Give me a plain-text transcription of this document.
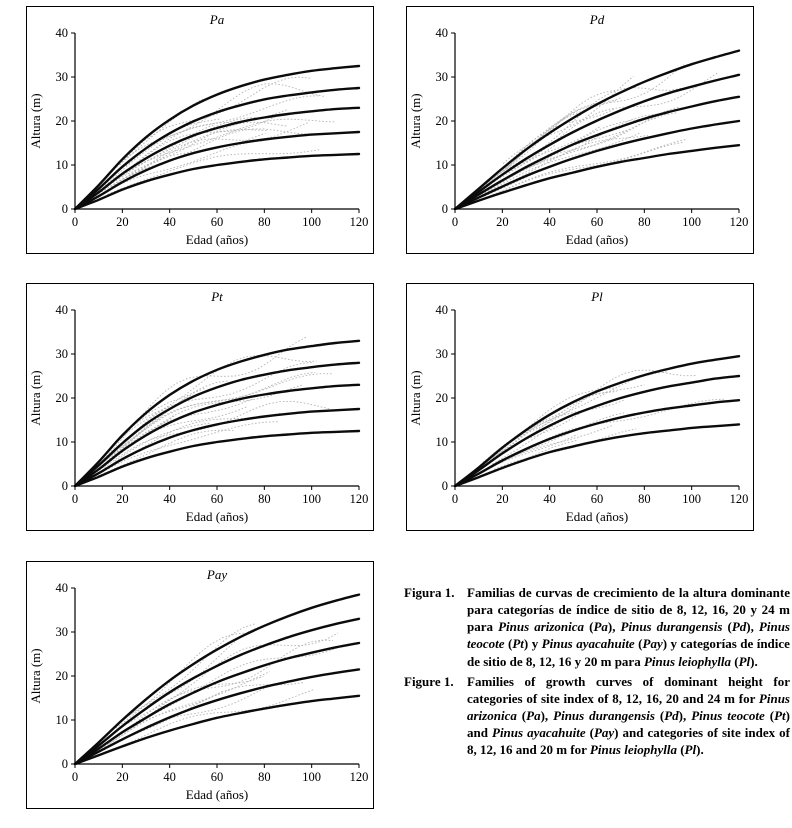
0
10
20
30
40
0	20	40	60	80	100 120
Edad (años)
Altura (m)
Pa
0
10
20
30
40
0	20	40	60	80	100 120
Edad (años)
Altura (m)
Pd
0
10
20
30
40
0	20	40	60	80	100 120
Edad (años)
Altura (m)
Pt
0
10
20
30
40
0	20	40	60	80	100 120
Edad (años)
Altura (m)
Pl
0
10
20
30
40
0	20	40	60	80	100 120
Edad (años)
Altura (m)
Pay

Figura 1. Familias de curvas de crecimiento de la altura dominante para categorías de índice de sitio de 8, 12, 16, 20 y 24 m para Pinus arizonica (Pa), Pinus durangensis (Pd), Pinus teocote (Pt) y Pinus ayacahuite (Pay) y categorías de índice de sitio de 8, 12, 16 y 20 m para Pinus leiophylla (Pl).

Figure 1. Families of growth curves of dominant height for categories of site index of 8, 12, 16, 20 and 24 m for Pinus arizonica (Pa), Pinus durangensis (Pd), Pinus teocote (Pt) and Pinus ayacahuite (Pay) and categories of site index of 8, 12, 16 and 20 m for Pinus leiophylla (Pl).
